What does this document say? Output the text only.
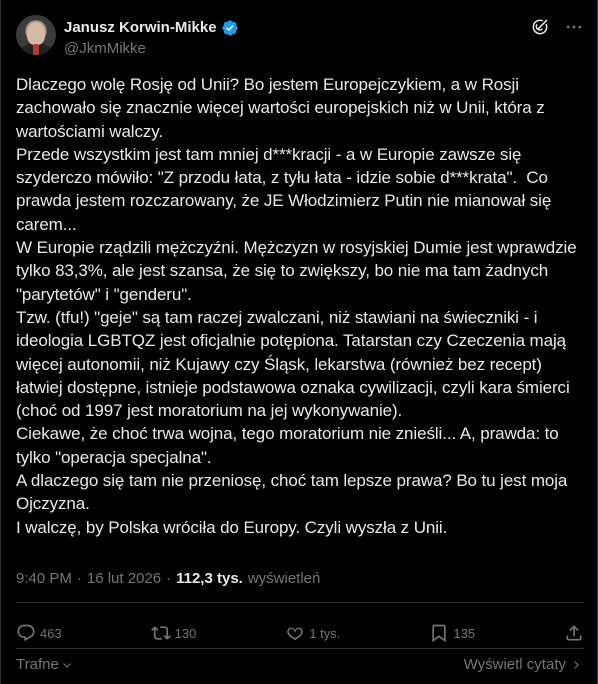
Janusz Korwin-Mikke
@JkmMikke
Dlaczego wolę Rosję od Unii? Bo jestem Europejczykiem, a w Rosji zachowało się znacznie więcej wartości europejskich niż w Unii, która z wartościami walczy.
Przede wszystkim jest tam mniej d***kracji - a w Europie zawsze się szyderczo mówiło: "Z przodu łata, z tyłu łata - idzie sobie d***krata".  Co prawda jestem rozczarowany, że JE Włodzimierz Putin nie mianował się carem...
W Europie rządzili mężczyźni. Mężczyzn w rosyjskiej Dumie jest wprawdzie tylko 83,3%, ale jest szansa, że się to zwiększy, bo nie ma tam żadnych "parytetów" i "genderu".
Tzw. (tfu!) "geje" są tam raczej zwalczani, niż stawiani na świeczniki - i ideologia LGBTQZ jest oficjalnie potępiona. Tatarstan czy Czeczenia mają więcej autonomii, niż Kujawy czy Śląsk, lekarstwa (również bez recept) łatwiej dostępne, istnieje podstawowa oznaka cywilizacji, czyli kara śmierci (choć od 1997 jest moratorium na jej wykonywanie).
Ciekawe, że choć trwa wojna, tego moratorium nie znieśli... A, prawda: to tylko "operacja specjalna".
A dlaczego się tam nie przeniosę, choć tam lepsze prawa? Bo tu jest moja Ojczyzna.
I walczę, by Polska wróciła do Europy. Czyli wyszła z Unii.
9:40 PM · 16 lut 2026 · 112,3 tys. wyświetleń
463	130	1 tys.	135
Trafne	Wyświetl cytaty
